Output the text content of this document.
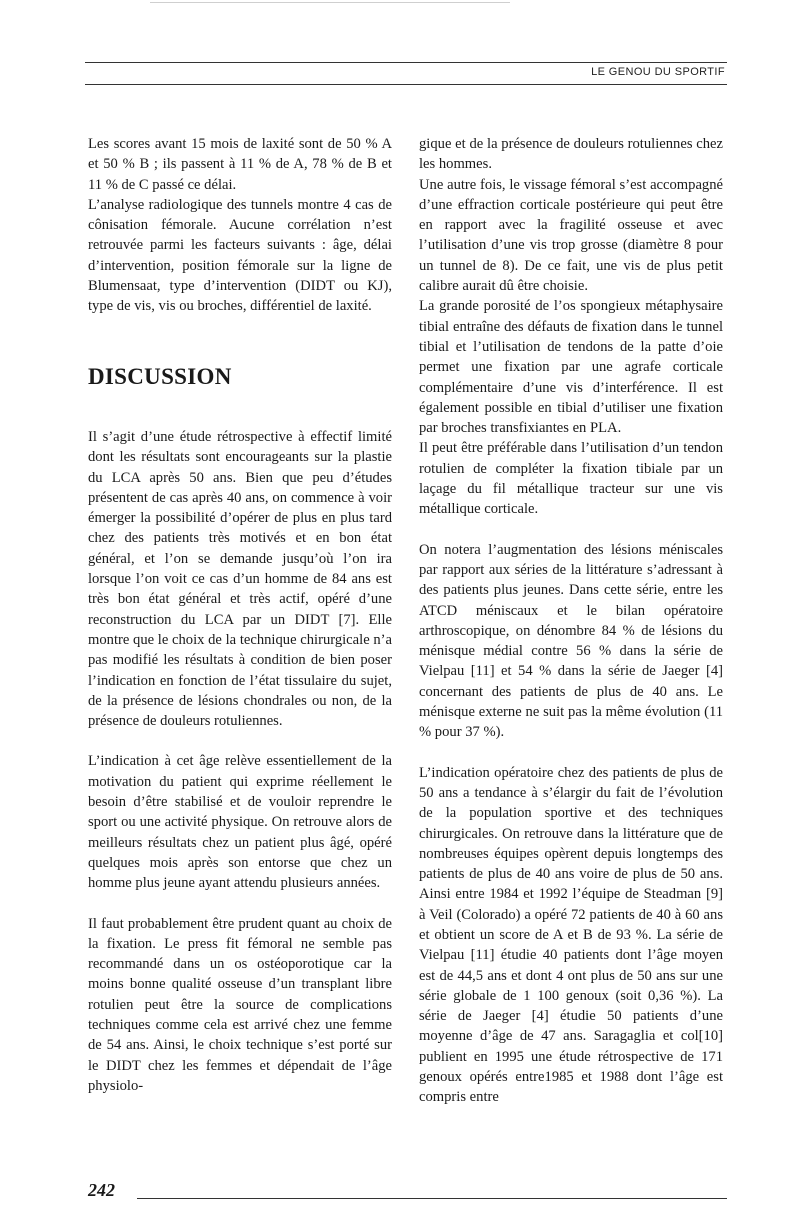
LE GENOU DU SPORTIF

Les scores avant 15 mois de laxité sont de 50 % A et 50 % B ; ils passent à 11 % de A, 78 % de B et 11 % de C passé ce délai.

L’analyse radiologique des tunnels montre 4 cas de cônisation fémorale. Aucune corrélation n’est retrouvée parmi les facteurs suivants : âge, délai d’intervention, position fémorale sur la ligne de Blumensaat, type d’intervention (DIDT ou KJ), type de vis, vis ou broches, différentiel de laxité.

DISCUSSION

Il s’agit d’une étude rétrospective à effectif limité dont les résultats sont encourageants sur la plastie du LCA après 50 ans. Bien que peu d’études présentent de cas après 40 ans, on commence à voir émerger la possibilité d’opérer de plus en plus tard chez des patients très motivés et en bon état général, et l’on se demande jusqu’où l’on ira lorsque l’on voit ce cas d’un homme de 84 ans est très bon état général et très actif, opéré d’une reconstruction du LCA par un DIDT [7]. Elle montre que le choix de la technique chirurgicale n’a pas modifié les résultats à condition de bien poser l’indication en fonction de l’état tissulaire du sujet, de la présence de lésions chondrales ou non, de la présence de douleurs rotuliennes.

L’indication à cet âge relève essentiellement de la motivation du patient qui exprime réellement le besoin d’être stabilisé et de vouloir reprendre le sport ou une activité physique. On retrouve alors de meilleurs résultats chez un patient plus âgé, opéré quelques mois après son entorse que chez un homme plus jeune ayant attendu plusieurs années.

Il faut probablement être prudent quant au choix de la fixation. Le press fit fémoral ne semble pas recommandé dans un os ostéoporotique car la moins bonne qualité osseuse d’un transplant libre rotulien peut être la source de complications techniques comme cela est arrivé chez une femme de 54 ans. Ainsi, le choix technique s’est porté sur le DIDT chez les femmes et dépendait de l’âge physiolo-

gique et de la présence de douleurs rotuliennes chez les hommes.

Une autre fois, le vissage fémoral s’est accompagné d’une effraction corticale postérieure qui peut être en rapport avec la fragilité osseuse et avec l’utilisation d’une vis trop grosse (diamètre 8 pour un tunnel de 8). De ce fait, une vis de plus petit calibre aurait dû être choisie.

La grande porosité de l’os spongieux métaphysaire tibial entraîne des défauts de fixation dans le tunnel tibial et l’utilisation de tendons de la patte d’oie permet une fixation par une agrafe corticale complémentaire d’une vis d’interférence. Il est également possible en tibial d’utiliser une fixation par broches transfixiantes en PLA.

Il peut être préférable dans l’utilisation d’un tendon rotulien de compléter la fixation tibiale par un laçage du fil métallique tracteur sur une vis métallique corticale.

On notera l’augmentation des lésions méniscales par rapport aux séries de la littérature s’adressant à des patients plus jeunes. Dans cette série, entre les ATCD méniscaux et le bilan opératoire arthroscopique, on dénombre 84 % de lésions du ménisque médial contre 56 % dans la série de Vielpau [11] et 54 % dans la série de Jaeger [4] concernant des patients de plus de 40 ans. Le ménisque externe ne suit pas la même évolution (11 % pour 37 %).

L’indication opératoire chez des patients de plus de 50 ans a tendance à s’élargir du fait de l’évolution de la population sportive et des techniques chirurgicales. On retrouve dans la littérature que de nombreuses équipes opèrent depuis longtemps des patients de plus de 40 ans voire de plus de 50 ans. Ainsi entre 1984 et 1992 l’équipe de Steadman [9] à Veil (Colorado) a opéré 72 patients de 40 à 60 ans et obtient un score de A et B de 93 %. La série de Vielpau [11] étudie 40 patients dont l’âge moyen est de 44,5 ans et dont 4 ont plus de 50 ans sur une série globale de 1 100 genoux (soit 0,36 %). La série de Jaeger [4] étudie 50 patients d’une moyenne d’âge de 47 ans. Saragaglia et col[10] publient en 1995 une étude rétrospective de 171 genoux opérés entre1985 et 1988 dont l’âge est compris entre

242
